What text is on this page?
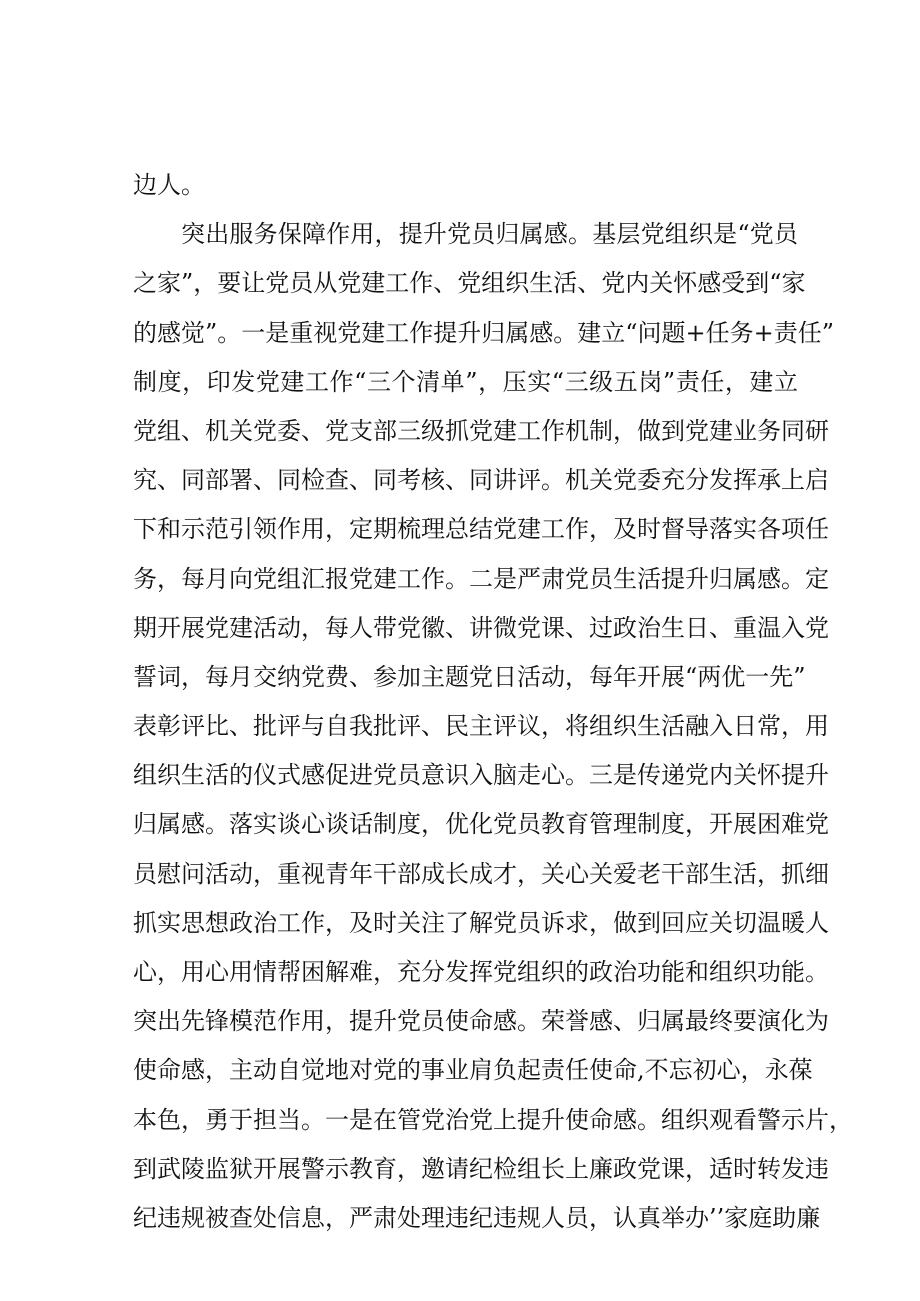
边人。
突出服务保障作用，提升党员归属感。基层党组织是“党员
之家”，要让党员从党建工作、党组织生活、党内关怀感受到“家
的感觉”。一是重视党建工作提升归属感。建立“问题+任务+责任”
制度，印发党建工作“三个清单”，压实“三级五岗”责任，建立
党组、机关党委、党支部三级抓党建工作机制，做到党建业务同研
究、同部署、同检查、同考核、同讲评。机关党委充分发挥承上启
下和示范引领作用，定期梳理总结党建工作，及时督导落实各项任
务，每月向党组汇报党建工作。二是严肃党员生活提升归属感。定
期开展党建活动，每人带党徽、讲微党课、过政治生日、重温入党
誓词，每月交纳党费、参加主题党日活动，每年开展“两优一先”
表彰评比、批评与自我批评、民主评议，将组织生活融入日常，用
组织生活的仪式感促进党员意识入脑走心。三是传递党内关怀提升
归属感。落实谈心谈话制度，优化党员教育管理制度，开展困难党
员慰问活动，重视青年干部成长成才，关心关爱老干部生活，抓细
抓实思想政治工作，及时关注了解党员诉求，做到回应关切温暖人
心，用心用情帮困解难，充分发挥党组织的政治功能和组织功能。
突出先锋模范作用，提升党员使命感。荣誉感、归属最终要演化为
使命感，主动自觉地对党的事业肩负起责任使命,不忘初心，永葆
本色，勇于担当。一是在管党治党上提升使命感。组织观看警示片，
到武陵监狱开展警示教育，邀请纪检组长上廉政党课，适时转发违
纪违规被查处信息，严肃处理违纪违规人员，认真举办’’家庭助廉
